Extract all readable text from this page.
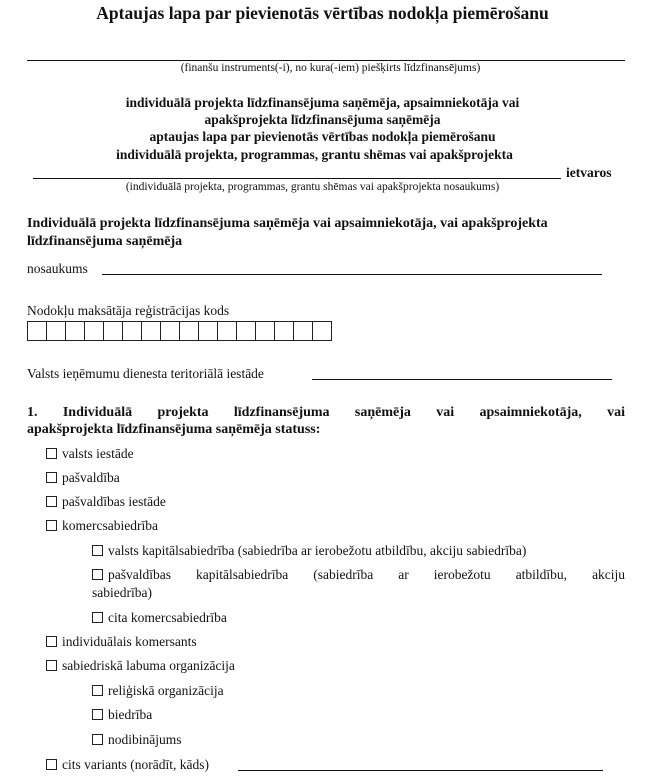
Aptaujas lapa par pievienotās vērtības nodokļa piemērošanu
(finanšu instruments(-i), no kura(-iem) piešķirts līdzfinansējums)
individuālā projekta līdzfinansējuma saņēmēja, apsaimniekotāja vai
apakšprojekta līdzfinansējuma saņēmēja
aptaujas lapa par pievienotās vērtības nodokļa piemērošanu
individuālā projekta, programmas, grantu shēmas vai apakšprojekta
ietvaros
(individuālā projekta, programmas, grantu shēmas vai apakšprojekta nosaukums)
Individuālā projekta līdzfinansējuma saņēmēja vai apsaimniekotāja, vai apakšprojekta
līdzfinansējuma saņēmēja
nosaukums
Nodokļu maksātāja reģistrācijas kods
Valsts ieņēmumu dienesta teritoriālā iestāde
1. Individuālā projekta līdzfinansējuma saņēmēja vai apsaimniekotāja, vai
apakšprojekta līdzfinansējuma saņēmēja statuss:
valsts iestāde
pašvaldība
pašvaldības iestāde
komercsabiedrība
valsts kapitālsabiedrība (sabiedrība ar ierobežotu atbildību, akciju sabiedrība)
pašvaldības kapitālsabiedrība (sabiedrība ar ierobežotu atbildību, akciju
sabiedrība)
cita komercsabiedrība
individuālais komersants
sabiedriskā labuma organizācija
reliģiskā organizācija
biedrība
nodibinājums
cits variants (norādīt, kāds)
